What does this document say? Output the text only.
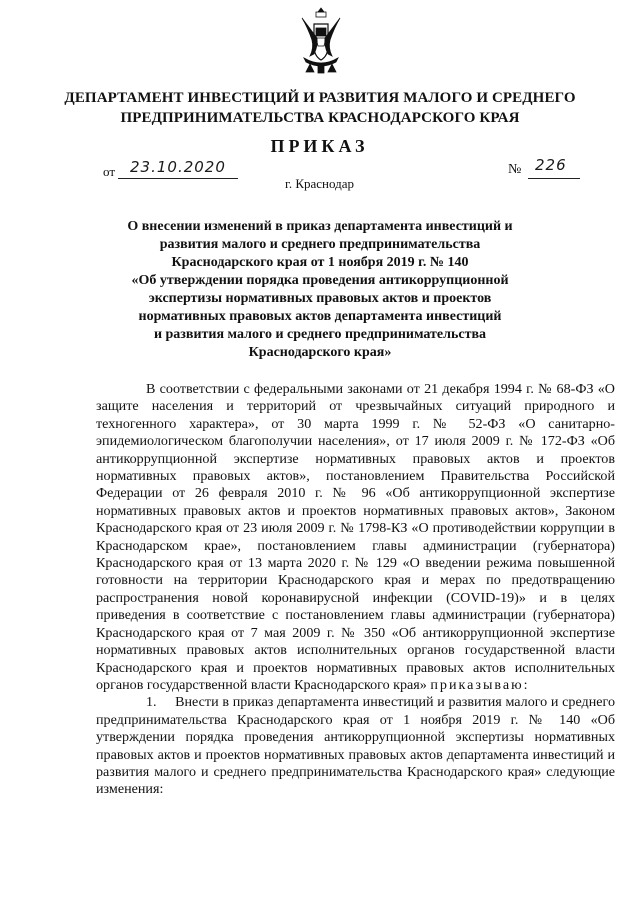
ДЕПАРТАМЕНТ ИНВЕСТИЦИЙ И РАЗВИТИЯ МАЛОГО И СРЕДНЕГО
ПРЕДПРИНИМАТЕЛЬСТВА КРАСНОДАРСКОГО КРАЯ
ПРИКАЗ
от 23.10.2020	№ 226
г. Краснодар
О внесении изменений в приказ департамента инвестиций и
развития малого и среднего предпринимательства
Краснодарского края от 1 ноября 2019 г. № 140
«Об утверждении порядка проведения антикоррупционной
экспертизы нормативных правовых актов и проектов
нормативных правовых актов департамента инвестиций
и развития малого и среднего предпринимательства
Краснодарского края»

В соответствии с федеральными законами от 21 декабря 1994 г. № 68-ФЗ «О защите населения и территорий от чрезвычайных ситуаций природного и техногенного характера», от 30 марта 1999 г. № 52-ФЗ «О санитарно-эпидемиологическом благополучии населения», от 17 июля 2009 г. № 172-ФЗ «Об антикоррупционной экспертизе нормативных правовых актов и проектов нормативных правовых актов», постановлением Правительства Российской Федерации от 26 февраля 2010 г. № 96 «Об антикоррупционной экспертизе нормативных правовых актов и проектов нормативных правовых актов», Законом Краснодарского края от 23 июля 2009 г. № 1798-КЗ «О противодействии коррупции в Краснодарском крае», постановлением главы администрации (губернатора) Краснодарского края от 13 марта 2020 г. № 129 «О введении режима повышенной готовности на территории Краснодарского края и мерах по предотвращению распространения новой коронавирусной инфекции (COVID-19)» и в целях приведения в соответствие с постановлением главы администрации (губернатора) Краснодарского края от 7 мая 2009 г. № 350 «Об антикоррупционной экспертизе нормативных правовых актов исполнительных органов государственной власти Краснодарского края и проектов нормативных правовых актов исполнительных органов государственной власти Краснодарского края» приказываю:

1.     Внести в приказ департамента инвестиций и развития малого и среднего предпринимательства Краснодарского края от 1 ноября 2019 г. № 140 «Об утверждении порядка проведения антикоррупционной экспертизы нормативных правовых актов и проектов нормативных правовых актов департамента инвестиций и развития малого и среднего предпринимательства Краснодарского края» следующие изменения:
